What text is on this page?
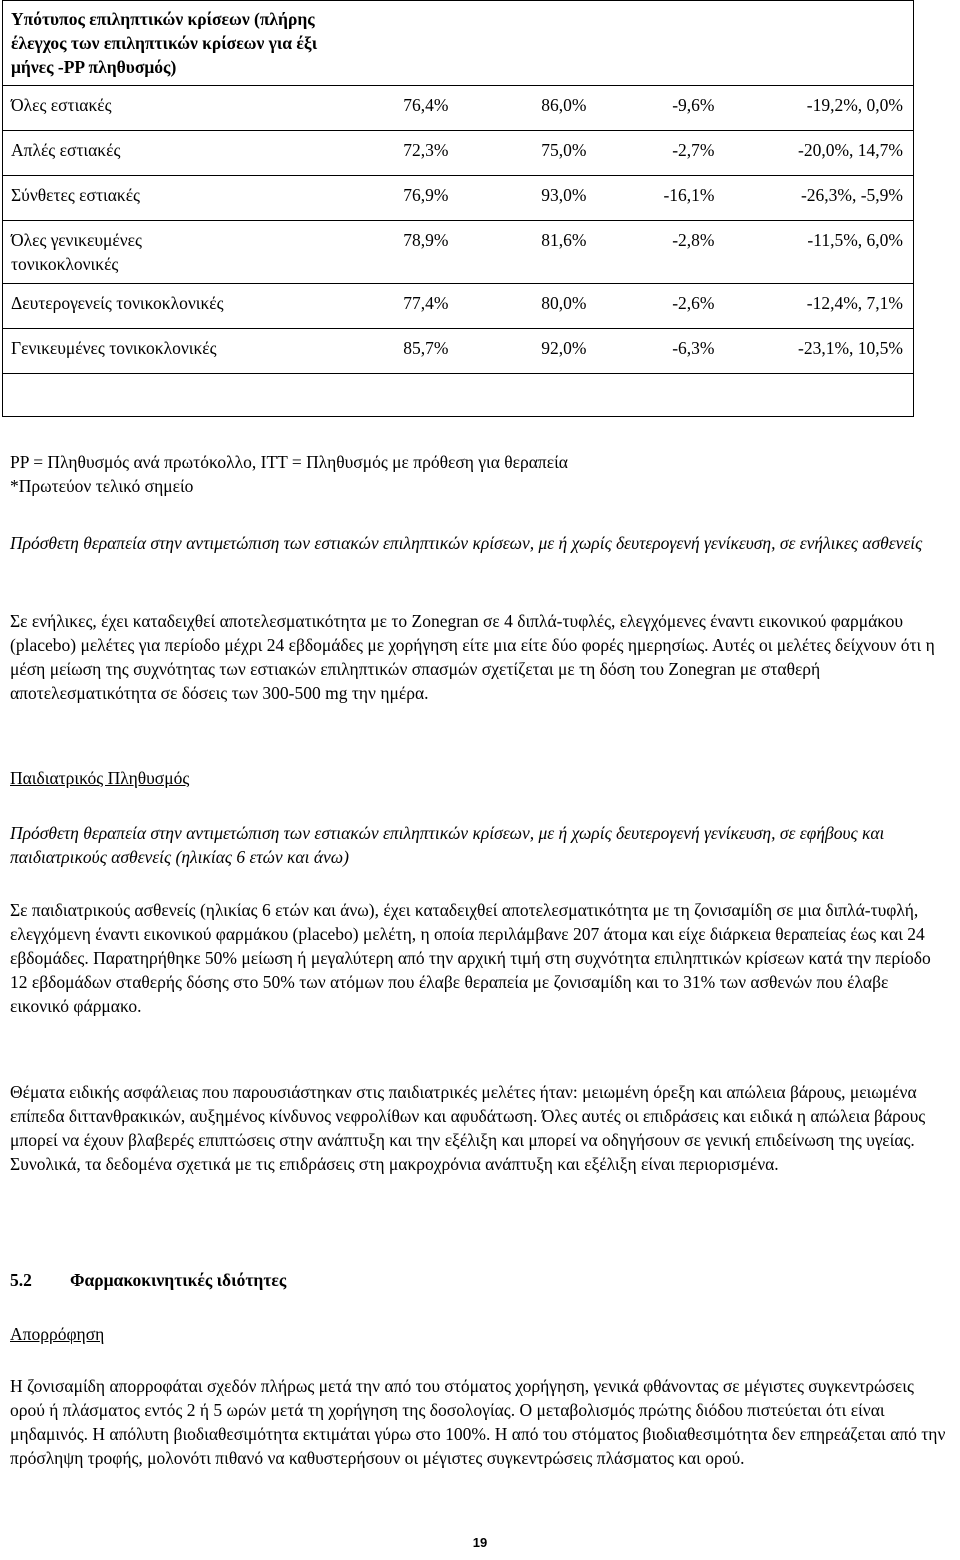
Υπότυπος επιληπτικών κρίσεων (πλήρης έλεγχος των επιληπτικών κρίσεων για έξι μήνες -PP πληθυσμός)				
Όλες εστιακές	76,4%	86,0%	-9,6%	-19,2%, 0,0%
Απλές εστιακές	72,3%	75,0%	-2,7%	-20,0%, 14,7%
Σύνθετες εστιακές	76,9%	93,0%	-16,1%	-26,3%, -5,9%
Όλες γενικευμένες τονικοκλονικές	78,9%	81,6%	-2,8%	-11,5%, 6,0%
Δευτερογενείς τονικοκλονικές	77,4%	80,0%	-2,6%	-12,4%, 7,1%
Γενικευμένες τονικοκλονικές	85,7%	92,0%	-6,3%	-23,1%, 10,5%

PP = Πληθυσμός ανά πρωτόκολλο, ITT = Πληθυσμός με πρόθεση για θεραπεία
*Πρωτεύον τελικό σημείο
Πρόσθετη θεραπεία στην αντιμετώπιση των εστιακών επιληπτικών κρίσεων, με ή χωρίς δευτερογενή γενίκευση, σε ενήλικες ασθενείς
Σε ενήλικες, έχει καταδειχθεί αποτελεσματικότητα με το Zonegran σε 4 διπλά-τυφλές, ελεγχόμενες έναντι εικονικού φαρμάκου (placebo) μελέτες για περίοδο μέχρι 24 εβδομάδες με χορήγηση είτε μια είτε δύο φορές ημερησίως. Αυτές οι μελέτες δείχνουν ότι η μέση μείωση της συχνότητας των εστιακών επιληπτικών σπασμών σχετίζεται με τη δόση του Zonegran με σταθερή αποτελεσματικότητα σε δόσεις των 300-500 mg την ημέρα.
Παιδιατρικός Πληθυσμός
Πρόσθετη θεραπεία στην αντιμετώπιση των εστιακών επιληπτικών κρίσεων, με ή χωρίς δευτερογενή γενίκευση, σε εφήβους και παιδιατρικούς ασθενείς (ηλικίας 6 ετών και άνω)
Σε παιδιατρικούς ασθενείς (ηλικίας 6 ετών και άνω), έχει καταδειχθεί αποτελεσματικότητα με τη ζονισαμίδη σε μια διπλά-τυφλή, ελεγχόμενη έναντι εικονικού φαρμάκου (placebo) μελέτη, η οποία περιλάμβανε 207 άτομα και είχε διάρκεια θεραπείας έως και 24 εβδομάδες. Παρατηρήθηκε 50% μείωση ή μεγαλύτερη από την αρχική τιμή στη συχνότητα επιληπτικών κρίσεων κατά την περίοδο 12 εβδομάδων σταθερής δόσης στο 50% των ατόμων που έλαβε θεραπεία με ζονισαμίδη και το 31% των ασθενών που έλαβε εικονικό φάρμακο.
Θέματα ειδικής ασφάλειας που παρουσιάστηκαν στις παιδιατρικές μελέτες ήταν: μειωμένη όρεξη και απώλεια βάρους, μειωμένα επίπεδα διττανθρακικών, αυξημένος κίνδυνος νεφρολίθων και αφυδάτωση. Όλες αυτές οι επιδράσεις και ειδικά η απώλεια βάρους μπορεί να έχουν βλαβερές επιπτώσεις στην ανάπτυξη και την εξέλιξη και μπορεί να οδηγήσουν σε γενική επιδείνωση της υγείας. Συνολικά, τα δεδομένα σχετικά με τις επιδράσεις στη μακροχρόνια ανάπτυξη και εξέλιξη είναι περιορισμένα.
5.2 Φαρμακοκινητικές ιδιότητες
Απορρόφηση
Η ζονισαμίδη απορροφάται σχεδόν πλήρως μετά την από του στόματος χορήγηση, γενικά φθάνοντας σε μέγιστες συγκεντρώσεις ορού ή πλάσματος εντός 2 ή 5 ωρών μετά τη χορήγηση της δοσολογίας. Ο μεταβολισμός πρώτης διόδου πιστεύεται ότι είναι μηδαμινός. Η απόλυτη βιοδιαθεσιμότητα εκτιμάται γύρω στο 100%. Η από του στόματος βιοδιαθεσιμότητα δεν επηρεάζεται από την πρόσληψη τροφής, μολονότι πιθανό να καθυστερήσουν οι μέγιστες συγκεντρώσεις πλάσματος και ορού.
19
